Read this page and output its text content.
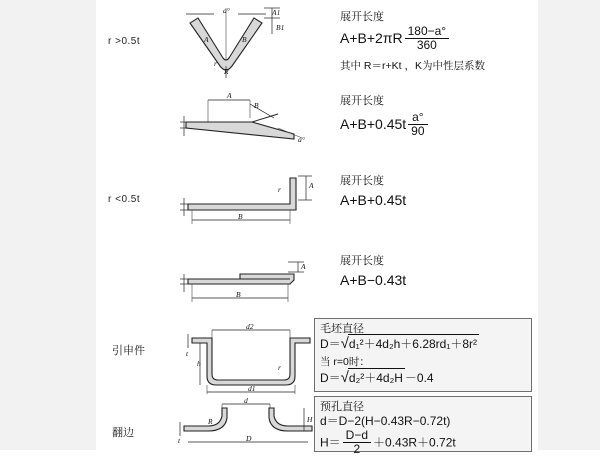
r >0.5t
a°	A1
B1
A	B
R
r
展开长度
$A+B+2\pi R \frac{180-a^\circ}{360}$
其中 R＝r+Kt ，K为中性层系数
A
B
a°
展开长度
$A+B+0.45t \frac{a^\circ}{90}$
r <0.5t
A
r
B
展开长度
A+B+0.45t
A
B
展开长度
A+B−0.43t
引申件
d2
r
h
t
d1
毛坯直径
D＝√d₁²＋4d₂h＋6.28rd₁＋8r²
当 r=0时：
D＝√d₂²＋4d₂H －0.4
翻边
d
R	H
t	D
预孔直径
d＝D−2(H−0.43R−0.72t)
$H= \frac{D-d}{2} +0.43R+0.72t$
